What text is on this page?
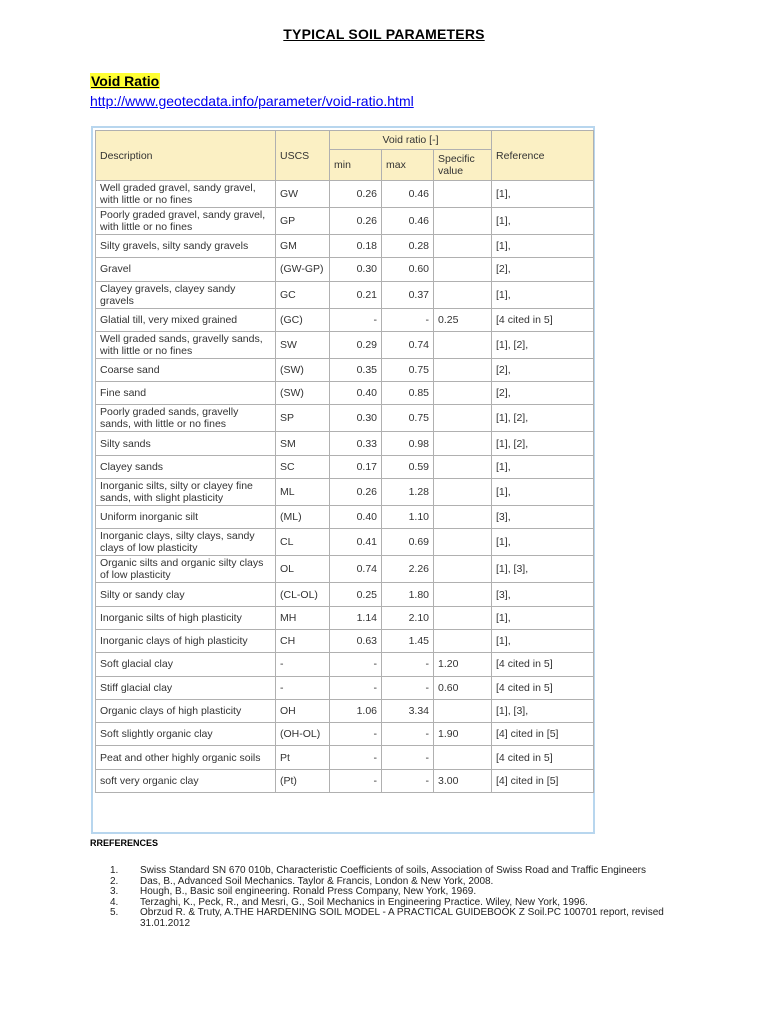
TYPICAL SOIL PARAMETERS
Void Ratio
http://www.geotecdata.info/parameter/void-ratio.html
Description	USCS	Void ratio [-]			Reference
		min	max	Specific value	
Well graded gravel, sandy gravel, with little or no fines	GW	0.26	0.46		[1],
Poorly graded gravel, sandy gravel, with little or no fines	GP	0.26	0.46		[1],
Silty gravels, silty sandy gravels	GM	0.18	0.28		[1],
Gravel	(GW-GP)	0.30	0.60		[2],
Clayey gravels, clayey sandy gravels	GC	0.21	0.37		[1],
Glatial till, very mixed grained	(GC)	-	-	0.25	[4 cited in 5]
Well graded sands, gravelly sands, with little or no fines	SW	0.29	0.74		[1], [2],
Coarse sand	(SW)	0.35	0.75		[2],
Fine sand	(SW)	0.40	0.85		[2],
Poorly graded sands, gravelly sands, with little or no fines	SP	0.30	0.75		[1], [2],
Silty sands	SM	0.33	0.98		[1], [2],
Clayey sands	SC	0.17	0.59		[1],
Inorganic silts, silty or clayey fine sands, with slight plasticity	ML	0.26	1.28		[1],
Uniform inorganic silt	(ML)	0.40	1.10		[3],
Inorganic clays, silty clays, sandy clays of low plasticity	CL	0.41	0.69		[1],
Organic silts and organic silty clays of low plasticity	OL	0.74	2.26		[1], [3],
Silty or sandy clay	(CL-OL)	0.25	1.80		[3],
Inorganic silts of high plasticity	MH	1.14	2.10		[1],
Inorganic clays of high plasticity	CH	0.63	1.45		[1],
Soft glacial clay	-	-	-	1.20	[4 cited in 5]
Stiff glacial clay	-	-	-	0.60	[4 cited in 5]
Organic clays of high plasticity	OH	1.06	3.34		[1], [3],
Soft slightly organic clay	(OH-OL)	-	-	1.90	[4] cited in [5]
Peat and other highly organic soils	Pt	-	-		[4 cited in 5]
soft very organic clay	(Pt)	-	-	3.00	[4] cited in [5]
RREFERENCES
1. Swiss Standard SN 670 010b, Characteristic Coefficients of soils, Association of Swiss Road and Traffic Engineers
2. Das, B., Advanced Soil Mechanics. Taylor & Francis, London & New York, 2008.
3. Hough, B., Basic soil engineering. Ronald Press Company, New York, 1969.
4. Terzaghi, K., Peck, R., and Mesri, G., Soil Mechanics in Engineering Practice. Wiley, New York, 1996.
5. Obrzud R. & Truty, A.THE HARDENING SOIL MODEL - A PRACTICAL GUIDEBOOK Z Soil.PC 100701 report, revised 31.01.2012
